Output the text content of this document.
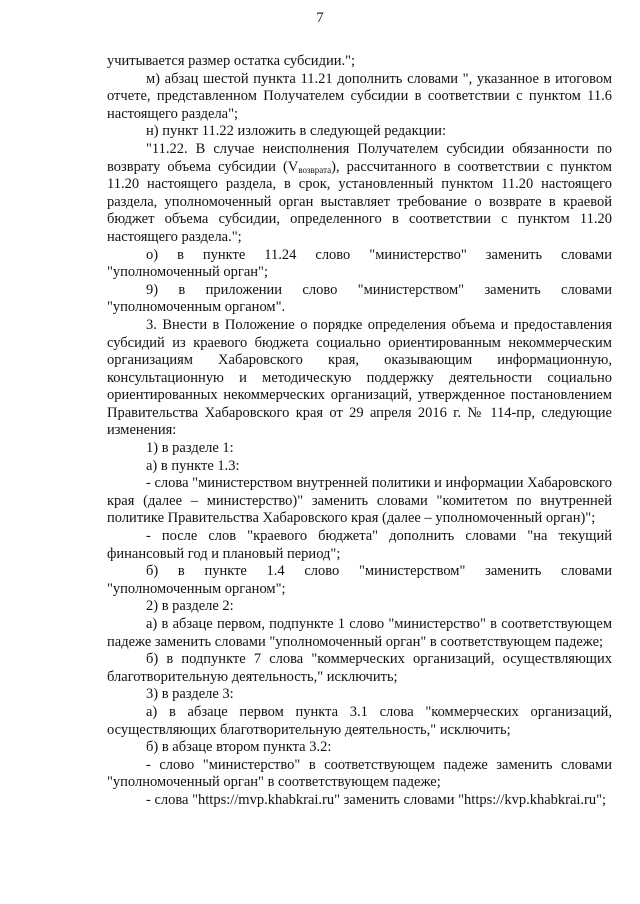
7

учитывается размер остатка субсидии.";

м) абзац шестой пункта 11.21 дополнить словами ", указанное в итоговом отчете, представленном Получателем субсидии в соответствии с пунктом 11.6 настоящего раздела";

н) пункт 11.22 изложить в следующей редакции:

"11.22. В случае неисполнения Получателем субсидии обязанности по возврату объема субсидии $(V_{возврата})$, рассчитанного в соответствии с пунктом 11.20 настоящего раздела, в срок, установленный пунктом 11.20 настоящего раздела, уполномоченный орган выставляет требование о возврате в краевой бюджет объема субсидии, определенного в соответствии с пунктом 11.20 настоящего раздела.";

о) в пункте 11.24 слово "министерство" заменить словами "уполномоченный орган";

9) в приложении слово "министерством" заменить словами "уполномоченным органом".

3. Внести в Положение о порядке определения объема и предоставления субсидий из краевого бюджета социально ориентированным некоммерческим организациям Хабаровского края, оказывающим информационную, консультационную и методическую поддержку деятельности социально ориентированных некоммерческих организаций, утвержденное постановлением Правительства Хабаровского края от 29 апреля 2016 г. № 114-пр, следующие изменения:

1) в разделе 1:

а) в пункте 1.3:

- слова "министерством внутренней политики и информации Хабаровского края (далее – министерство)" заменить словами "комитетом по внутренней политике Правительства Хабаровского края (далее – уполномоченный орган)";

- после слов "краевого бюджета" дополнить словами "на текущий финансовый год и плановый период";

б) в пункте 1.4 слово "министерством" заменить словами "уполномоченным органом";

2) в разделе 2:

а) в абзаце первом, подпункте 1 слово "министерство" в соответствующем падеже заменить словами "уполномоченный орган" в соответствующем падеже;

б) в подпункте 7 слова "коммерческих организаций, осуществляющих благотворительную деятельность," исключить;

3) в разделе 3:

а) в абзаце первом пункта 3.1 слова "коммерческих организаций, осуществляющих благотворительную деятельность," исключить;

б) в абзаце втором пункта 3.2:

- слово "министерство" в соответствующем падеже заменить словами "уполномоченный орган" в соответствующем падеже;

- слова "https://mvp.khabkrai.ru" заменить словами "https://kvp.khabkrai.ru";
